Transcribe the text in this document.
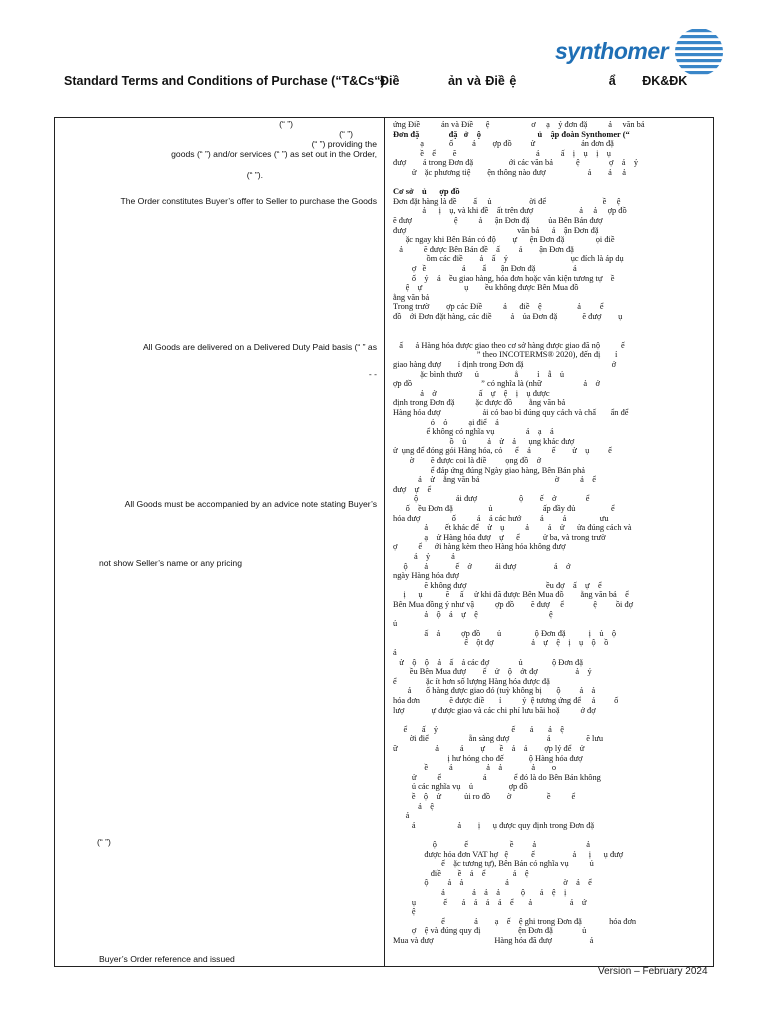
Standard Terms and Conditions of Purchase (“T&Cs“)
Điề	ản và Điề ệ	ẩ ĐK&ĐK
synthomer
(“ ”)
(“ ”)
(“ ”) providing the
goods (“ ”) and/or services (“ ”) as set out in the Order,
(“ ”).
The Order constitutes Buyer’s offer to Seller to purchase the Goods
All Goods are delivered on a Delivered Duty Paid basis (“ ” as
- -
All Goods must be accompanied by an advice note stating Buyer’s
not show Seller’s name or any pricing
(“ ”)
Buyer’s Order reference and issued
ứng Điề          ản và Điề      ệ                    ơ     ạ    ỷ đơn đặ          ả     văn bả
Đơn đặ              đặ   ở    ộ                           ủ    ập đoàn Synthomer (“
ạ            ố         ả        ợp đồ         ử                      ản đơn đặ
ề    ể        ẽ                                      ả          ấ    ị    ụ    ị    ụ
đượ        ả trong Đơn đặ                 ới các văn bả           ệ              ợ    ả    ỷ
ử    ặc phương tiệ        ện thông nào đượ                    ả        ả     ả
Cơ sở    ủ      ợp đồ
Đơn đặt hàng là đề        ấ     ủ                  ời để                           ề     ệ
ả      ị    ụ, và khi đề    ất trên đượ                      ả     ả     ợp đồ
ẽ đượ                    ệ          ả      ận Đơn đặ         ủa Bên Bán đượ
đượ                                                     văn bả      ả    ận Đơn đặ
ặc ngay khi Bên Bán có độ        ự      ện Đơn đặ               ọi điề
ả          ẽ được Bên Bán đề    ấ         ả        ận Đơn đặ
ồm các điề        ả    ấ    ỷ                              ục đích là áp dụ
ợ   ề                 ả        ẩ       ận Đơn đặ                  ả
ố    ỷ    ả    ều giao hàng, hóa đơn hoặc văn kiện tương tự    ề
ệ    ự                    ụ        ều không được Bên Mua đồ
ằng văn bả
Trong trườ        ợp các Điề          ả      điề    ệ                 ả         ể
đồ    ới Đơn đặt hàng, các điề         ả    ủa Đơn đặ            ẽ đượ        ụ
ấ      ả Hàng hóa được giao theo cơ sở hàng được giao đã nộ          ế
” theo INCOTERMS® 2020), đến đị       ỉ
giao hàng đượ        ỉ định trong Đơn đặ                                          ở
ặc bình thườ      ủ                 ẳ         ỉ    ẫ    ủ
ợp đồ                                 ” có nghĩa là (nhữ                    ả    ở
ả    ở                    ấ    ự    ệ    ị    ụ được
định trong Đơn đặ          ặc được đồ        ằng văn bả
Hàng hóa đượ                    ải có bao bì đúng quy cách và chấ       ẩn để
ỏ    ỏ          ại điể    ả
ể không có nghĩa vụ               ả    ạ    ả
ồ    ủ          ả    ử    ả      ụng khác đượ
ử  ụng để đóng gói Hàng hóa, cỏ      ể    ả          ế        ử    ụ         ế
ờ        ẽ được coi là điề         ọng đồ    ở
ể đáp ứng đúng Ngày giao hàng, Bên Bán phả
ả    ử    ằng văn bả                                    ờ          ả    ể
đượ    ự    ể
ộ                  ải đượ                    ộ        ế    ở              ể
ố    ều Đơn đặ                 ủ                        ấp đầy đủ                 ể
hóa đượ               ố          ả    ả các hướ         ả         ả                ưu
ả        ết khác để    ử    ụ          ả         ả    ử      ửa đúng cách và
ạ    ử Hàng hóa đượ    ự      ể           ử ba, và trong trườ
ợ          ể      ới hàng kèm theo Hàng hóa không đượ
ả    ỷ          ả
ộ        ả             ế    ở           ải đượ                  ả    ớ
ngày Hàng hóa đượ
ẽ không đượ                                      ều đợ    ấ    ự    ể
ị      ụ           ẽ     ấ     ử khi đã được Bên Mua đồ        ằng văn bả    ể
Bên Mua đồng ý như vậ          ợp đồ        ẽ đượ     ể              ệ         ồi đợ
ả    ộ    ả    ự    ệ                                  ệ
ủ
ấ    ả          ợp đồ        ủ                ộ Đơn đặ           ị    ủ    ộ
ế    ột đợ                  ả    ự    ệ    ị    ụ    ộ    ồ
ả
ử    ộ    ộ    ả    ấ    ả các đợ              ủ              ộ Đơn đặ
ều Bên Mua đượ        ể    ử    ộ    ớt đợ                  ả    ỷ
ể              ặc ít hơn số lượng Hàng hóa được đặ
ả       ố hàng được giao đó (tuỳ không bị       ộ         ả    ả
hóa đơn              ẽ được điề       ỉ          ỷ  ệ tương ứng để     ả         ố
lượ             ự được giao và các chi phí lưu bãi hoặ          ở đợ
ể       ấ    ỷ                                   ế       ả       ả    ệ
ời điể                   ẵn sàng đượ                  ả                 ẽ lưu
ữ                  ả          ả        ự       ề    ả    ả        ợp lý để    ử
ị hư hỏng cho đế            ộ Hàng hóa đượ
ề          ả                ả    ả              ả        o
ử          ể                    ả             ể đó là do Bên Bán không
ủ các nghĩa vụ    ủ                 ợp đồ
ề    ộ    ử           ủi ro đồ        ờ                 ề          ể
ả    ệ
ả
ả                    ả        ị      ụ được quy định trong Đơn đặ
ộ             ế                    ề         ả                        ả
được hóa đơn VAT hợ   ệ           ế                  ả      ị      ụ đượ
ế    ặc tương tự), Bên Bán có nghĩa vụ          ủ
điề        ề    ả    ể             ả    ệ
ộ         ả    ả                    ả                          ờ    ả    ể
ả             ả    ả    ả          ộ       ả    ệ    ị
ụ             ế       ả    ả    ả    ả    ể       ả                  ả    ứ
ệ
ể              ả        ạ    ế    ệ ghi trong Đơn đặ             hóa đơn
ợ    ệ và đúng quy đị                  ện Đơn đặ              ủ
Mua và đượ                             Hàng hóa đã đượ                  ả
Version – February 2024
